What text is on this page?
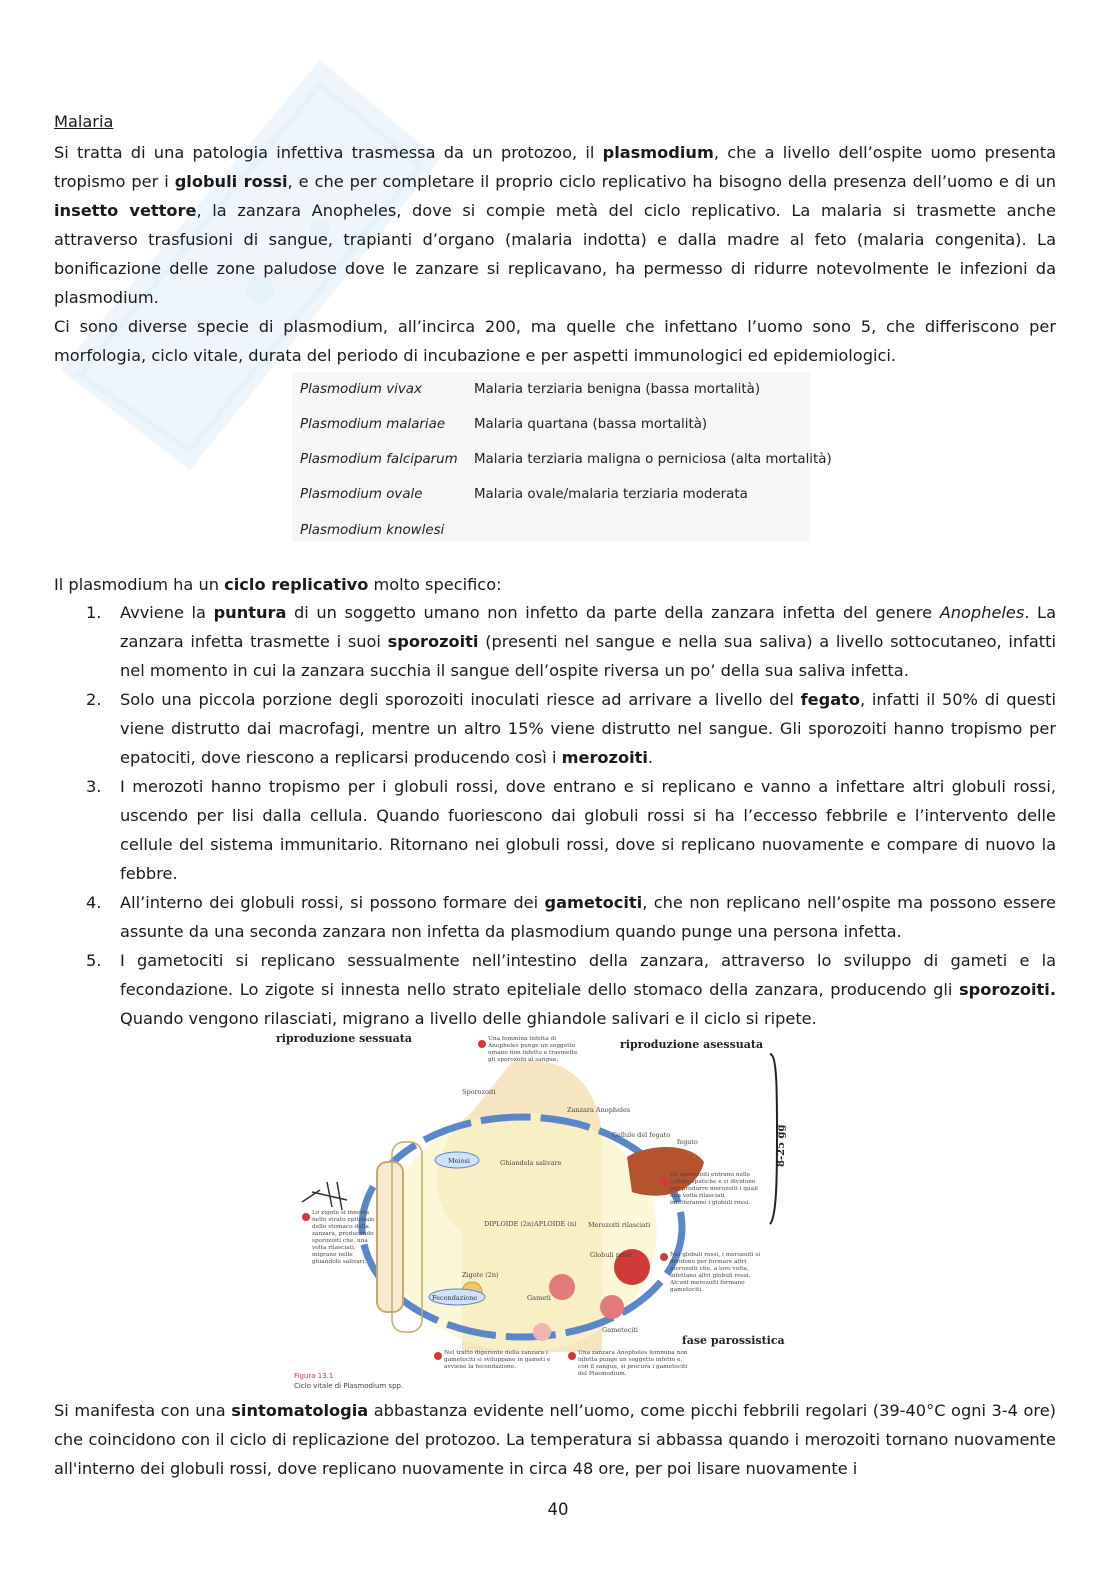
Malaria
Si tratta di una patologia infettiva trasmessa da un protozoo, il plasmodium, che a livello dell’ospite uomo presenta tropismo per i globuli rossi, e che per completare il proprio ciclo replicativo ha bisogno della presenza dell’uomo e di un insetto vettore, la zanzara Anopheles, dove si compie metà del ciclo replicativo. La malaria si trasmette anche attraverso trasfusioni di sangue, trapianti d’organo (malaria indotta) e dalla madre al feto (malaria congenita). La bonificazione delle zone paludose dove le zanzare si replicavano, ha permesso di ridurre notevolmente le infezioni da plasmodium.
Ci sono diverse specie di plasmodium, all’incirca 200, ma quelle che infettano l’uomo sono 5, che differiscono per morfologia, ciclo vitale, durata del periodo di incubazione e per aspetti immunologici ed epidemiologici.
Plasmodium vivax	Malaria terziaria benigna (bassa mortalità)
Plasmodium malariae	Malaria quartana (bassa mortalità)
Plasmodium falciparum	Malaria terziaria maligna o perniciosa (alta mortalità)
Plasmodium ovale	Malaria ovale/malaria terziaria moderata
Plasmodium knowlesi
Il plasmodium ha un ciclo replicativo molto specifico:
1. Avviene la puntura di un soggetto umano non infetto da parte della zanzara infetta del genere Anopheles. La zanzara infetta trasmette i suoi sporozoiti (presenti nel sangue e nella sua saliva) a livello sottocutaneo, infatti nel momento in cui la zanzara succhia il sangue dell’ospite riversa un po’ della sua saliva infetta.
2. Solo una piccola porzione degli sporozoiti inoculati riesce ad arrivare a livello del fegato, infatti il 50% di questi viene distrutto dai macrofagi, mentre un altro 15% viene distrutto nel sangue. Gli sporozoiti hanno tropismo per epatociti, dove riescono a replicarsi producendo così i merozoiti.
3. I merozoti hanno tropismo per i globuli rossi, dove entrano e si replicano e vanno a infettare altri globuli rossi, uscendo per lisi dalla cellula. Quando fuoriescono dai globuli rossi si ha l’eccesso febbrile e l’intervento delle cellule del sistema immunitario. Ritornano nei globuli rossi, dove si replicano nuovamente e compare di nuovo la febbre.
4. All’interno dei globuli rossi, si possono formare dei gametociti, che non replicano nell’ospite ma possono essere assunte da una seconda zanzara non infetta da plasmodium quando punge una persona infetta.
5. I gametociti si replicano sessualmente nell’intestino della zanzara, attraverso lo sviluppo di gameti e la fecondazione. Lo zigote si innesta nello strato epiteliale dello stomaco della zanzara, producendo gli sporozoiti. Quando vengono rilasciati, migrano a livello delle ghiandole salivari e il ciclo si ripete.
riproduzione sessuata	riproduzione asessuata
8-25 gg
fase parossistica
DIPLOIDE (2n) APLOIDE (n)
Zanzara Anopheles
fegato
Cellule del fegato
Meiosi
Fecondazione
Zigote (2n)
Gameti
Gametociti
Ghiandola salivare
Sporozoiti
Merozoiti rilasciati
Globuli rossi
Una femmina infetta di Anopheles punge un soggetto umano non infetto e trasmette gli sporozoiti al sangue.
Gli sporozoiti entrano nelle cellule epatiche e si dividono per produrre merozoiti i quali una volta rilasciati infetteranno i globuli rossi.
Nei globuli rossi, i merozoiti si dividono per formare altri merozoiti che, a loro volta, infettano altri globuli rossi. Alcuni merozoiti formano gametociti.
Una zanzara Anopheles femmina non infetta punge un soggetto infetto e, con il sangue, si procura i gametociti del Plasmodium.
Nel tratto digerente della zanzara i gametociti si sviluppano in gameti e avviene la fecondazione.
Lo zigote si innesta nello strato epiteliale dello stomaco della zanzara, producendo sporozoiti che, una volta rilasciati, migrano nelle ghiandole salivari.
Figura 13.1
Ciclo vitale di Plasmodium spp.
Si manifesta con una sintomatologia abbastanza evidente nell’uomo, come picchi febbrili regolari (39-40°C ogni 3-4 ore) che coincidono con il ciclo di replicazione del protozoo. La temperatura si abbassa quando i merozoiti tornano nuovamente all'interno dei globuli rossi, dove replicano nuovamente in circa 48 ore, per poi lisare nuovamente i
40
